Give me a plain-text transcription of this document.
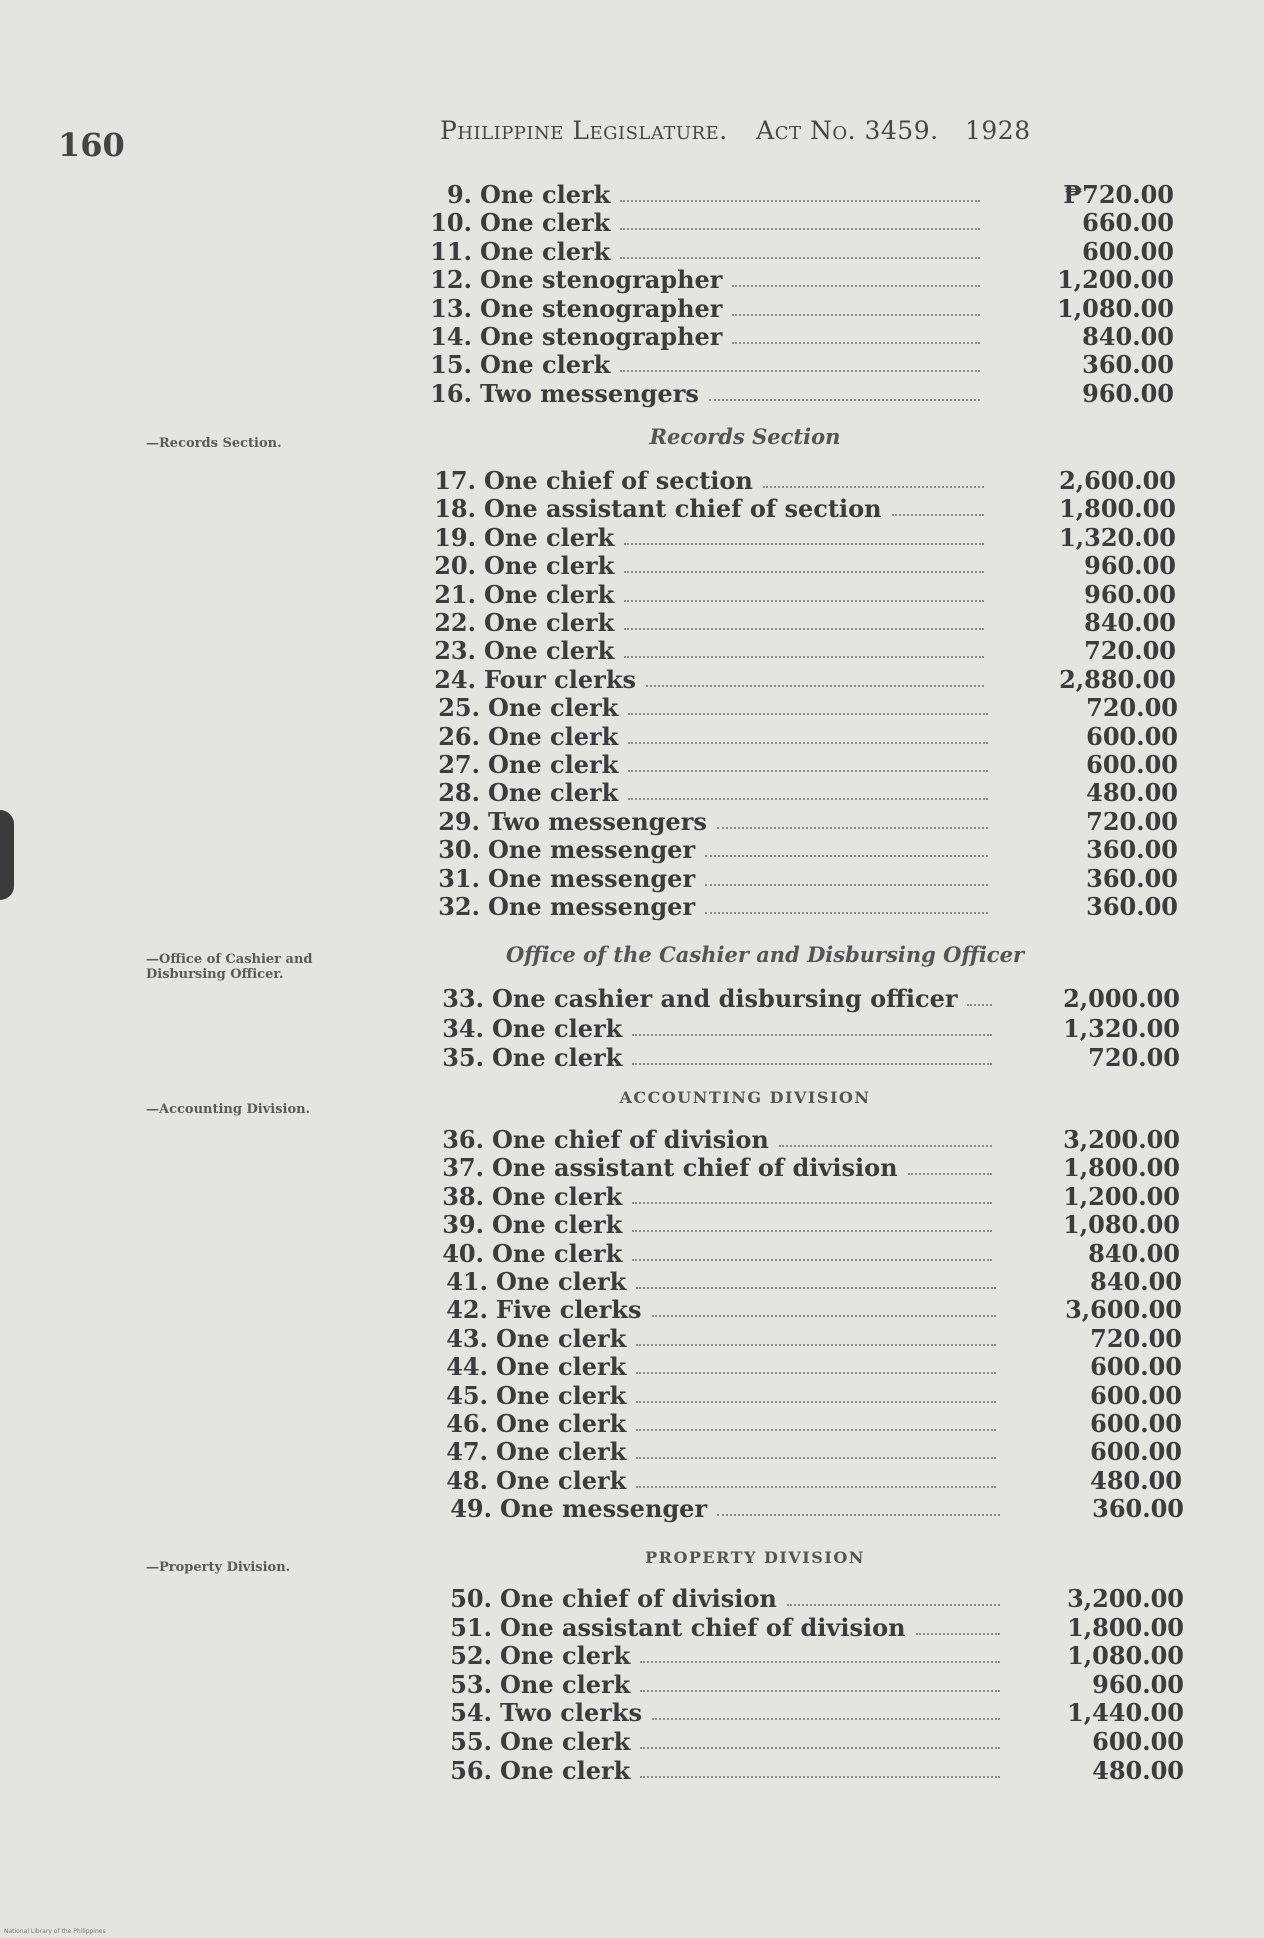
160	Philippine Legislature. Act No. 3459. 1928
—Records Section.
—Office of Cashier and Disbursing Officer.
—Accounting Division.
—Property Division.
Records Section
Office of the Cashier and Disbursing Officer
ACCOUNTING DIVISION
PROPERTY DIVISION
9. One clerk	₱720.00
10. One clerk	660.00
11. One clerk	600.00
12. One stenographer	1,200.00
13. One stenographer	1,080.00
14. One stenographer	840.00
15. One clerk	360.00
16. Two messengers	960.00
17. One chief of section	2,600.00
18. One assistant chief of section	1,800.00
19. One clerk	1,320.00
20. One clerk	960.00
21. One clerk	960.00
22. One clerk	840.00
23. One clerk	720.00
24. Four clerks	2,880.00
25. One clerk	720.00
26. One clerk	600.00
27. One clerk	600.00
28. One clerk	480.00
29. Two messengers	720.00
30. One messenger	360.00
31. One messenger	360.00
32. One messenger	360.00
33. One cashier and disbursing officer	2,000.00
34. One clerk	1,320.00
35. One clerk	720.00
36. One chief of division	3,200.00
37. One assistant chief of division	1,800.00
38. One clerk	1,200.00
39. One clerk	1,080.00
40. One clerk	840.00
41. One clerk	840.00
42. Five clerks	3,600.00
43. One clerk	720.00
44. One clerk	600.00
45. One clerk	600.00
46. One clerk	600.00
47. One clerk	600.00
48. One clerk	480.00
49. One messenger	360.00
50. One chief of division	3,200.00
51. One assistant chief of division	1,800.00
52. One clerk	1,080.00
53. One clerk	960.00
54. Two clerks	1,440.00
55. One clerk	600.00
56. One clerk	480.00
National Library of the Philippines
